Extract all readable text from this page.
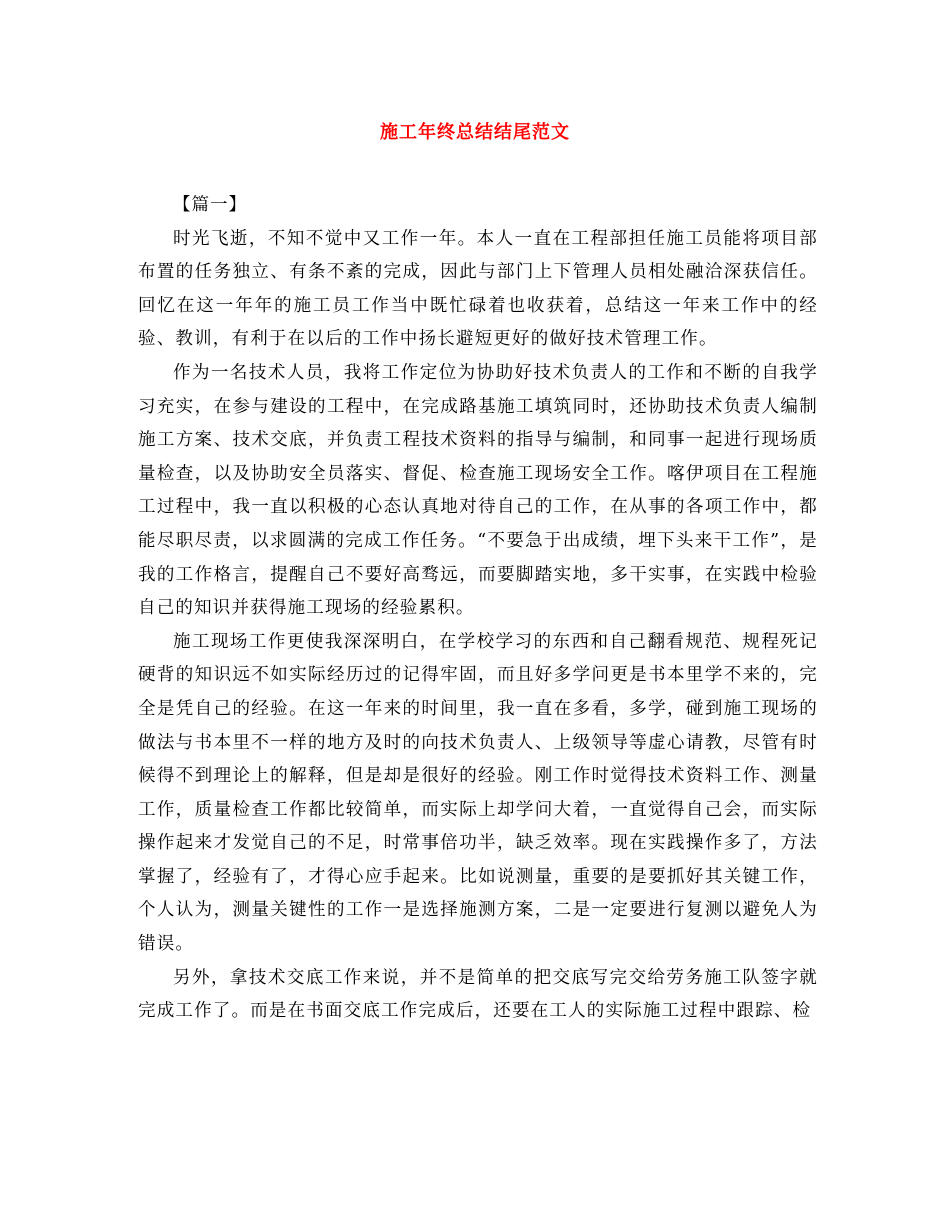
施工年终总结结尾范文
【篇一】

时光飞逝，不知不觉中又工作一年。本人一直在工程部担任施工员能将项目部布置的任务独立、有条不紊的完成，因此与部门上下管理人员相处融洽深获信任。回忆在这一年年的施工员工作当中既忙碌着也收获着，总结这一年来工作中的经验、教训，有利于在以后的工作中扬长避短更好的做好技术管理工作。

作为一名技术人员，我将工作定位为协助好技术负责人的工作和不断的自我学习充实，在参与建设的工程中，在完成路基施工填筑同时，还协助技术负责人编制施工方案、技术交底，并负责工程技术资料的指导与编制，和同事一起进行现场质量检查，以及协助安全员落实、督促、检查施工现场安全工作。喀伊项目在工程施工过程中，我一直以积极的心态认真地对待自己的工作，在从事的各项工作中，都能尽职尽责，以求圆满的完成工作任务。“不要急于出成绩，埋下头来干工作”，是我的工作格言，提醒自己不要好高骛远，而要脚踏实地，多干实事，在实践中检验自己的知识并获得施工现场的经验累积。

施工现场工作更使我深深明白，在学校学习的东西和自己翻看规范、规程死记硬背的知识远不如实际经历过的记得牢固，而且好多学问更是书本里学不来的，完全是凭自己的经验。在这一年来的时间里，我一直在多看，多学，碰到施工现场的做法与书本里不一样的地方及时的向技术负责人、上级领导等虚心请教，尽管有时候得不到理论上的解释，但是却是很好的经验。刚工作时觉得技术资料工作、测量工作，质量检查工作都比较简单，而实际上却学问大着，一直觉得自己会，而实际操作起来才发觉自己的不足，时常事倍功半，缺乏效率。现在实践操作多了，方法掌握了，经验有了，才得心应手起来。比如说测量，重要的是要抓好其关键工作，个人认为，测量关键性的工作一是选择施测方案，二是一定要进行复测以避免人为错误。

另外，拿技术交底工作来说，并不是简单的把交底写完交给劳务施工队签字就完成工作了。而是在书面交底工作完成后，还要在工人的实际施工过程中跟踪、检
